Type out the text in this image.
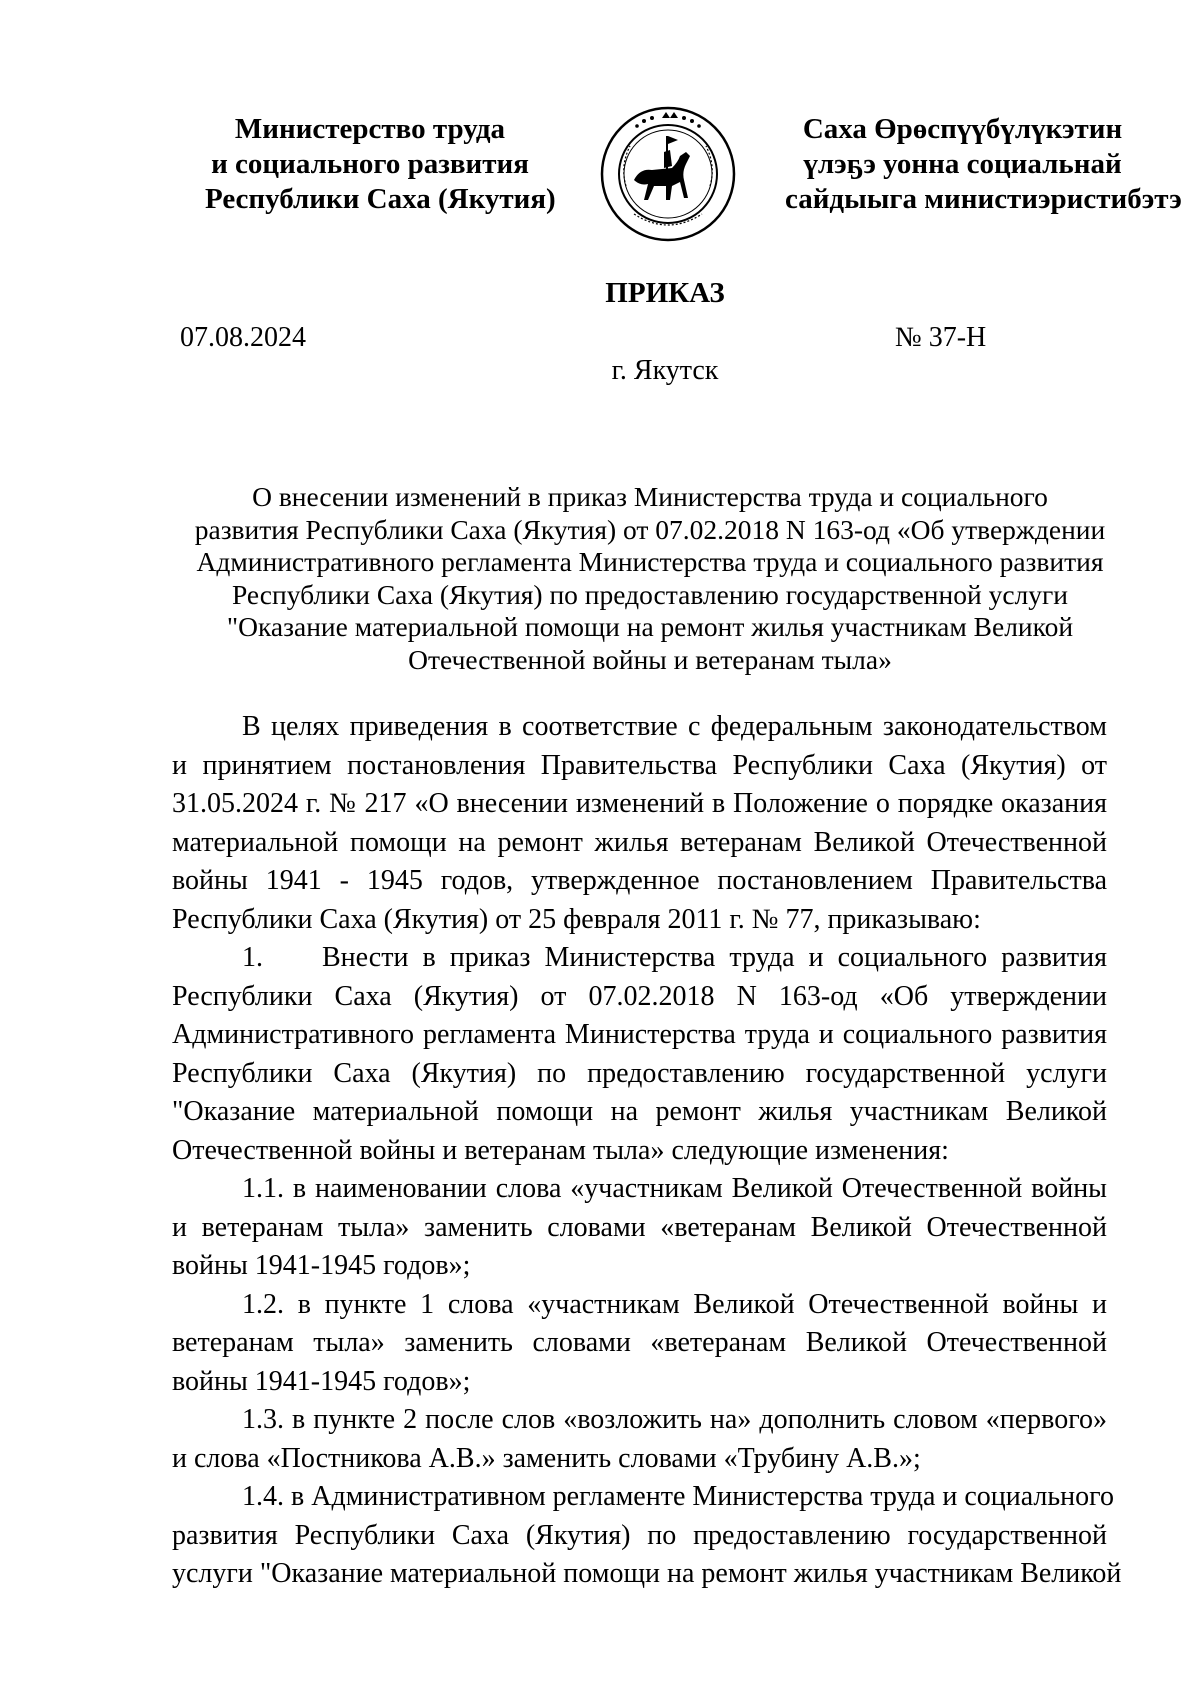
Министерство труда
и социального развития
Республики Саха (Якутия)
Саха Өрөспүүбүлүкэтин
үлэҕэ уонна социальнай
сайдыыга министиэристибэтэ
ПРИКАЗ
07.08.2024	№ 37-Н
г. Якутск
О внесении изменений в приказ Министерства труда и социального
развития Республики Саха (Якутия) от 07.02.2018 N 163-од «Об утверждении
Административного регламента Министерства труда и социального развития
Республики Саха (Якутия) по предоставлению государственной услуги
"Оказание материальной помощи на ремонт жилья участникам Великой
Отечественной войны и ветеранам тыла»
В целях приведения в соответствие с федеральным законодательством
и принятием постановления Правительства Республики Саха (Якутия) от
31.05.2024 г. № 217 «О внесении изменений в Положение о порядке оказания
материальной помощи на ремонт жилья ветеранам Великой Отечественной
войны 1941 - 1945 годов, утвержденное постановлением Правительства
Республики Саха (Якутия) от 25 февраля 2011 г. № 77, приказываю:
1. Внести в приказ Министерства труда и социального развития
Республики Саха (Якутия) от 07.02.2018 N 163-од «Об утверждении
Административного регламента Министерства труда и социального развития
Республики Саха (Якутия) по предоставлению государственной услуги
"Оказание материальной помощи на ремонт жилья участникам Великой
Отечественной войны и ветеранам тыла» следующие изменения:
1.1. в наименовании слова «участникам Великой Отечественной войны
и ветеранам тыла» заменить словами «ветеранам Великой Отечественной
войны 1941-1945 годов»;
1.2. в пункте 1 слова «участникам Великой Отечественной войны и
ветеранам тыла» заменить словами «ветеранам Великой Отечественной
войны 1941-1945 годов»;
1.3. в пункте 2 после слов «возложить на» дополнить словом «первого»
и слова «Постникова А.В.» заменить словами «Трубину А.В.»;
1.4. в Административном регламенте Министерства труда и социального
развития Республики Саха (Якутия) по предоставлению государственной
услуги "Оказание материальной помощи на ремонт жилья участникам Великой
